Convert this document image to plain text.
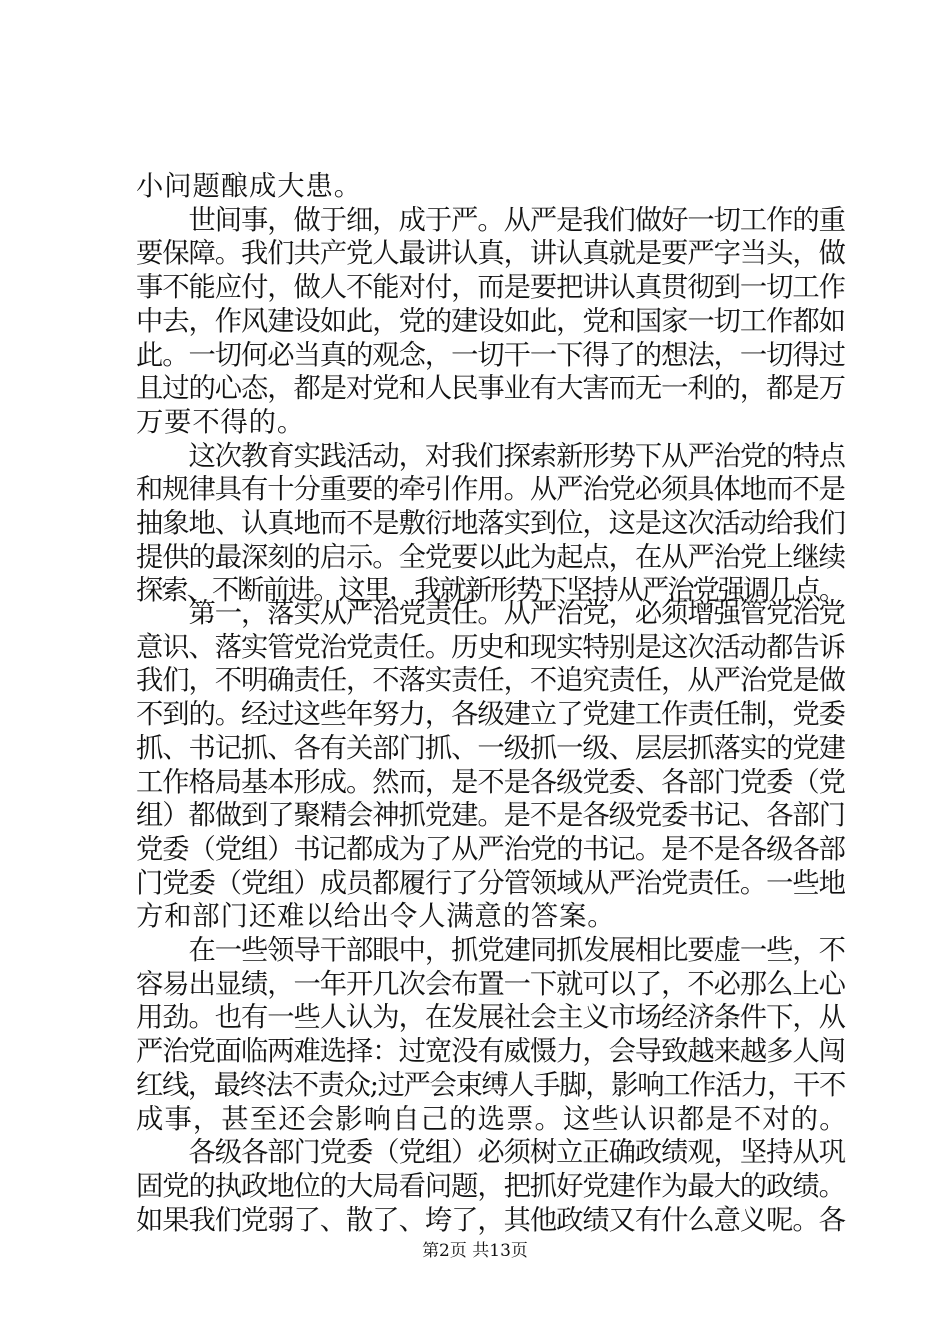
小问题酿成大患。
　　世间事，做于细，成于严。从严是我们做好一切工作的重
要保障。我们共产党人最讲认真，讲认真就是要严字当头，做
事不能应付，做人不能对付，而是要把讲认真贯彻到一切工作
中去，作风建设如此，党的建设如此，党和国家一切工作都如
此。一切何必当真的观念，一切干一下得了的想法，一切得过
且过的心态，都是对党和人民事业有大害而无一利的，都是万
万要不得的。
　　这次教育实践活动，对我们探索新形势下从严治党的特点
和规律具有十分重要的牵引作用。从严治党必须具体地而不是
抽象地、认真地而不是敷衍地落实到位，这是这次活动给我们
提供的最深刻的启示。全党要以此为起点，在从严治党上继续
探索、不断前进。这里，我就新形势下坚持从严治党强调几点。
　　第一，落实从严治党责任。从严治党，必须增强管党治党
意识、落实管党治党责任。历史和现实特别是这次活动都告诉
我们，不明确责任，不落实责任，不追究责任，从严治党是做
不到的。经过这些年努力，各级建立了党建工作责任制，党委
抓、书记抓、各有关部门抓、一级抓一级、层层抓落实的党建
工作格局基本形成。然而，是不是各级党委、各部门党委（党
组）都做到了聚精会神抓党建。是不是各级党委书记、各部门
党委（党组）书记都成为了从严治党的书记。是不是各级各部
门党委（党组）成员都履行了分管领域从严治党责任。一些地
方和部门还难以给出令人满意的答案。
　　在一些领导干部眼中，抓党建同抓发展相比要虚一些，不
容易出显绩，一年开几次会布置一下就可以了，不必那么上心
用劲。也有一些人认为，在发展社会主义市场经济条件下，从
严治党面临两难选择：过宽没有威慑力，会导致越来越多人闯
红线，最终法不责众;过严会束缚人手脚，影响工作活力，干不
成事，甚至还会影响自己的选票。这些认识都是不对的。
　　各级各部门党委（党组）必须树立正确政绩观，坚持从巩
固党的执政地位的大局看问题，把抓好党建作为最大的政绩。
如果我们党弱了、散了、垮了，其他政绩又有什么意义呢。各
第2页 共13页
